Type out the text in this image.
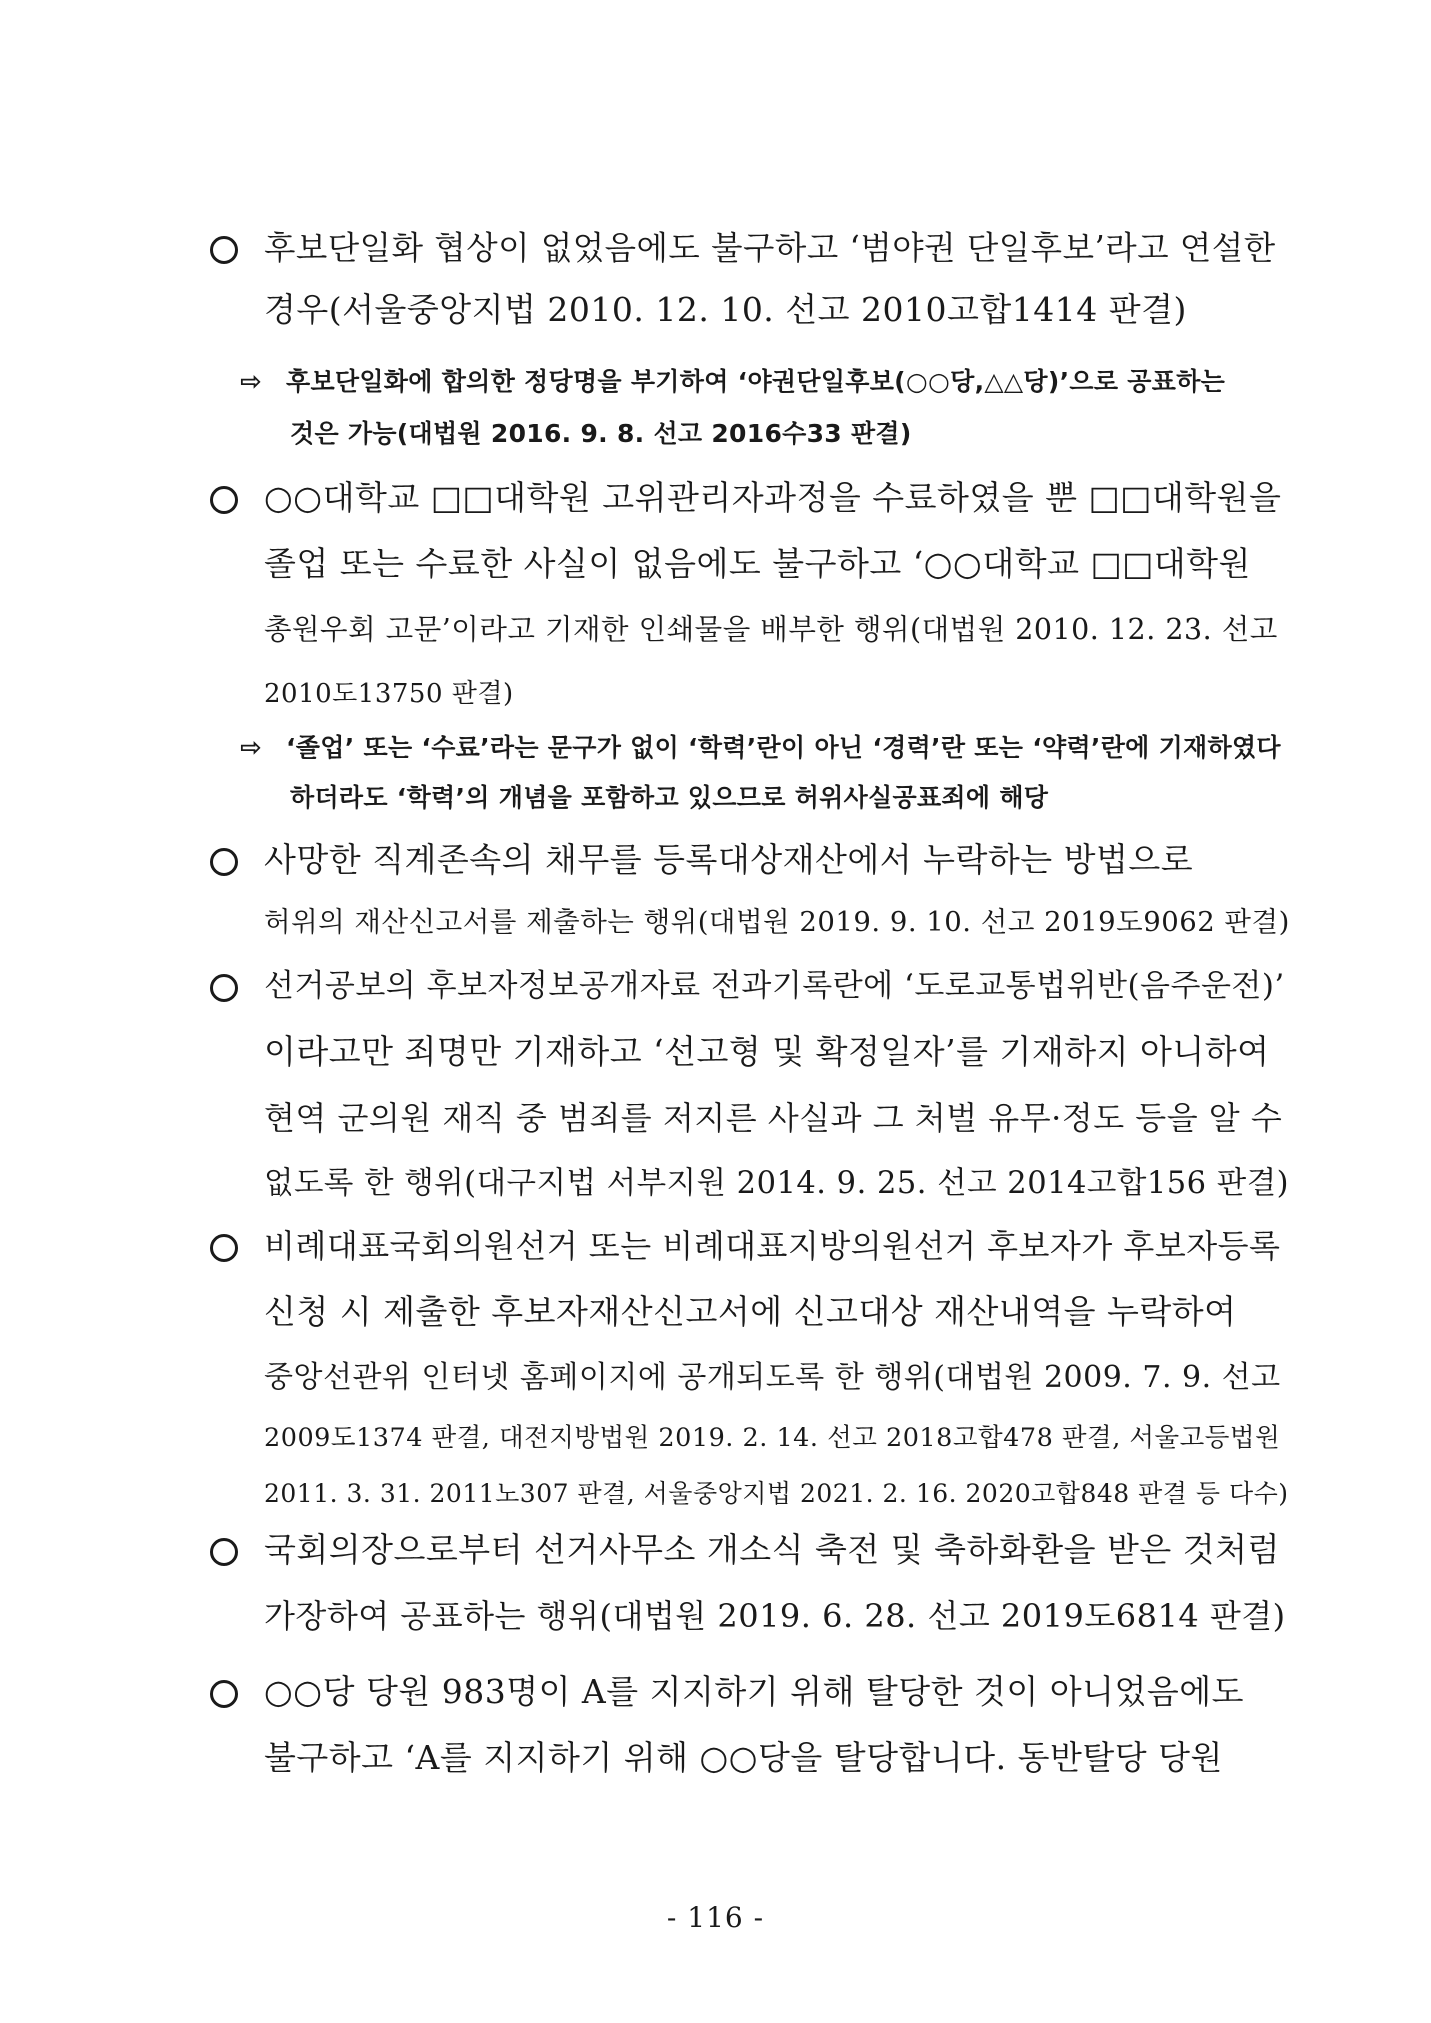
후보단일화 협상이 없었음에도 불구하고 ‘범야권 단일후보’라고 연설한
경우(서울중앙지법 2010. 12. 10. 선고 2010고합1414 판결)
⇨ 후보단일화에 합의한 정당명을 부기하여 ‘야권단일후보(○○당,△△당)’으로 공표하는
것은 가능(대법원 2016. 9. 8. 선고 2016수33 판결)
○○대학교 □□대학원 고위관리자과정을 수료하였을 뿐 □□대학원을
졸업 또는 수료한 사실이 없음에도 불구하고 ‘○○대학교 □□대학원
총원우회 고문’이라고 기재한 인쇄물을 배부한 행위(대법원 2010. 12. 23. 선고
2010도13750 판결)
⇨ ‘졸업’ 또는 ‘수료’라는 문구가 없이 ‘학력’란이 아닌 ‘경력’란 또는 ‘약력’란에 기재하였다
하더라도 ‘학력’의 개념을 포함하고 있으므로 허위사실공표죄에 해당
사망한 직계존속의 채무를 등록대상재산에서 누락하는 방법으로
허위의 재산신고서를 제출하는 행위(대법원 2019. 9. 10. 선고 2019도9062 판결)
선거공보의 후보자정보공개자료 전과기록란에 ‘도로교통법위반(음주운전)’
이라고만 죄명만 기재하고 ‘선고형 및 확정일자’를 기재하지 아니하여
현역 군의원 재직 중 범죄를 저지른 사실과 그 처벌 유무·정도 등을 알 수
없도록 한 행위(대구지법 서부지원 2014. 9. 25. 선고 2014고합156 판결)
비례대표국회의원선거 또는 비례대표지방의원선거 후보자가 후보자등록
신청 시 제출한 후보자재산신고서에 신고대상 재산내역을 누락하여
중앙선관위 인터넷 홈페이지에 공개되도록 한 행위(대법원 2009. 7. 9. 선고
2009도1374 판결, 대전지방법원 2019. 2. 14. 선고 2018고합478 판결, 서울고등법원
2011. 3. 31. 2011노307 판결, 서울중앙지법 2021. 2. 16. 2020고합848 판결 등 다수)
국회의장으로부터 선거사무소 개소식 축전 및 축하화환을 받은 것처럼
가장하여 공표하는 행위(대법원 2019. 6. 28. 선고 2019도6814 판결)
○○당 당원 983명이 A를 지지하기 위해 탈당한 것이 아니었음에도
불구하고 ‘A를 지지하기 위해 ○○당을 탈당합니다. 동반탈당 당원
- 116 -
